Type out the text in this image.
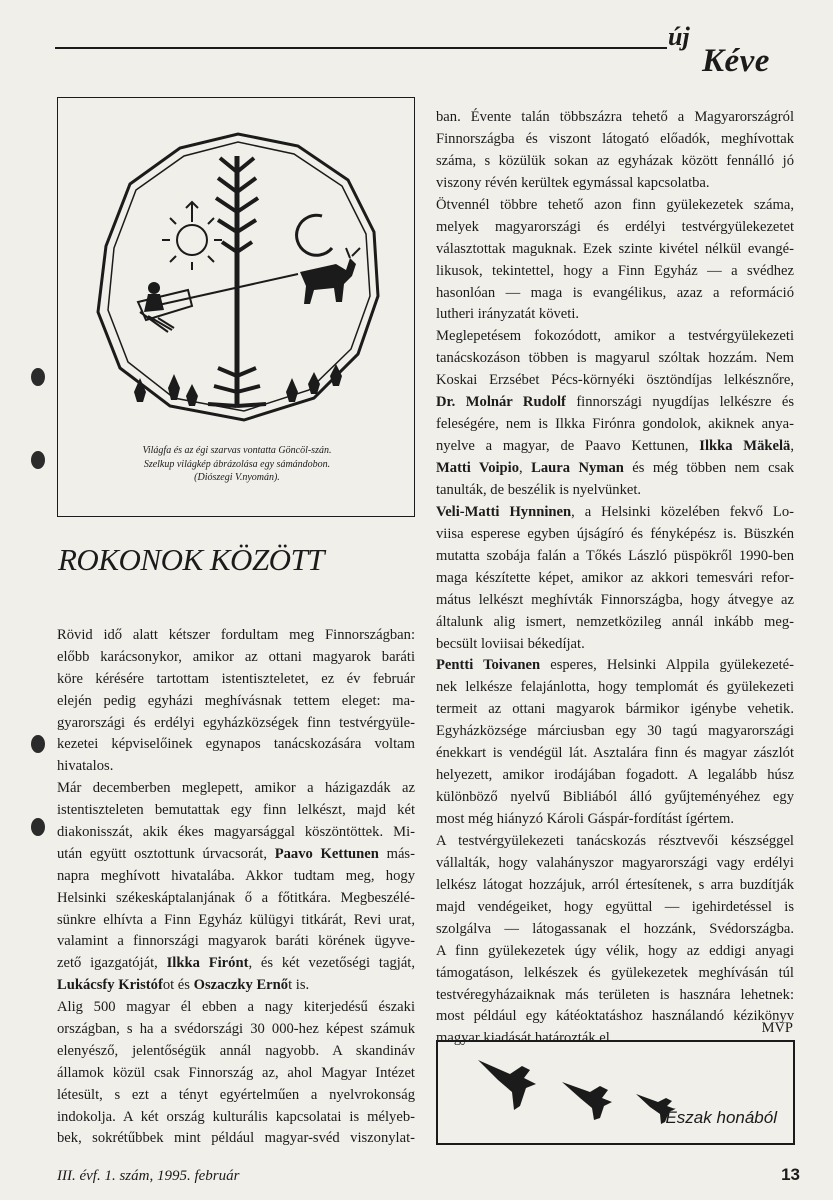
új
Kéve
Világfa és az égi szarvas vontatta Göncöl-szán.
Szelkup világkép ábrázolása egy sámándobon.
(Diószegi V.nyomán).
ROKONOK KÖZÖTT
Rövid idő alatt kétszer fordultam meg Finnországban:
előbb karácsonykor, amikor az ottani magyarok baráti
köre kérésére tartottam istentiszteletet, ez év február
elején pedig egyházi meghívásnak tettem eleget: ma-
gyarországi és erdélyi egyházközségek finn testvérgyüle-
kezetei képviselőinek egynapos tanácskozására voltam
hivatalos.
Már decemberben meglepett, amikor a házigazdák az
istentiszteleten bemutattak egy finn lelkészt, majd két
diakonisszát, akik ékes magyarsággal köszöntöttek. Mi-
után együtt osztottunk úrvacsorát, Paavo Kettunen más-
napra meghívott hivatalába. Akkor tudtam meg, hogy
Helsinki székeskáptalanjának ő a főtitkára. Megbeszélé-
sünkre elhívta a Finn Egyház külügyi titkárát, Revi urat,
valamint a finnországi magyarok baráti körének ügyve-
zető igazgatóját, Ilkka Firónt, és két vezetőségi tagját,
Lukácsfy Kristófot és Oszaczky Ernőt is.
Alig 500 magyar él ebben a nagy kiterjedésű északi
országban, s ha a svédországi 30 000-hez képest számuk
elenyésző, jelentőségük annál nagyobb. A skandináv
államok közül csak Finnország az, ahol Magyar Intézet
létesült, s ezt a tényt egyértelműen a nyelvrokonság
indokolja. A két ország kulturális kapcsolatai is mélyeb-
bek, sokrétűbbek mint például magyar-svéd viszonylat-
ban. Évente talán többszázra tehető a Magyarországról
Finnországba és viszont látogató előadók, meghívottak
száma, s közülük sokan az egyházak között fennálló jó
viszony révén kerültek egymással kapcsolatba.
Ötvennél többre tehető azon finn gyülekezetek száma,
melyek magyarországi és erdélyi testvérgyülekezetet
választottak maguknak. Ezek szinte kivétel nélkül evangé-
likusok, tekintettel, hogy a Finn Egyház — a svédhez
hasonlóan — maga is evangélikus, azaz a reformáció
lutheri irányzatát követi.
Meglepetésem fokozódott, amikor a testvérgyülekezeti
tanácskozáson többen is magyarul szóltak hozzám. Nem
Koskai Erzsébet Pécs-környéki ösztöndíjas lelkésznőre,
Dr. Molnár Rudolf finnországi nyugdíjas lelkészre és
feleségére, nem is Ilkka Firónra gondolok, akiknek anya-
nyelve a magyar, de Paavo Kettunen, Ilkka Mäkelä,
Matti Voipio, Laura Nyman és még többen nem csak
tanulták, de beszélik is nyelvünket.
Veli-Matti Hynninen, a Helsinki közelében fekvő Lo-
viisa esperese egyben újságíró és fényképész is. Büszkén
mutatta szobája falán a Tőkés László püspökről 1990-ben
maga készítette képet, amikor az akkori temesvári refor-
mátus lelkészt meghívták Finnországba, hogy átvegye az
általunk alig ismert, nemzetközileg annál inkább meg-
becsült loviisai békedíjat.
Pentti Toivanen esperes, Helsinki Alppila gyülekezeté-
nek lelkésze felajánlotta, hogy templomát és gyülekezeti
termeit az ottani magyarok bármikor igénybe vehetik.
Egyházközsége márciusban egy 30 tagú magyarországi
énekkart is vendégül lát. Asztalára finn és magyar zászlót
helyezett, amikor irodájában fogadott. A legalább húsz
különböző nyelvű Bibliából álló gyűjteményéhez egy
most még hiányzó Károli Gáspár-fordítást ígértem.
A testvérgyülekezeti tanácskozás résztvevői készséggel
vállalták, hogy valahányszor magyarországi vagy erdélyi
lelkész látogat hozzájuk, arról értesítenek, s arra buzdítják
majd vendégeiket, hogy együttal — igehirdetéssel is
szolgálva — látogassanak el hozzánk, Svédországba.
A finn gyülekezetek úgy vélik, hogy az eddigi anyagi
támogatáson, lelkészek és gyülekezetek meghívásán túl
testvéregyházaiknak más területen is hasznára lehetnek:
most például egy kátéoktatáshoz használandó kézikönyv
magyar kiadását határozták el.
MVP
Észak honából
III. évf. 1. szám, 1995. február	13
